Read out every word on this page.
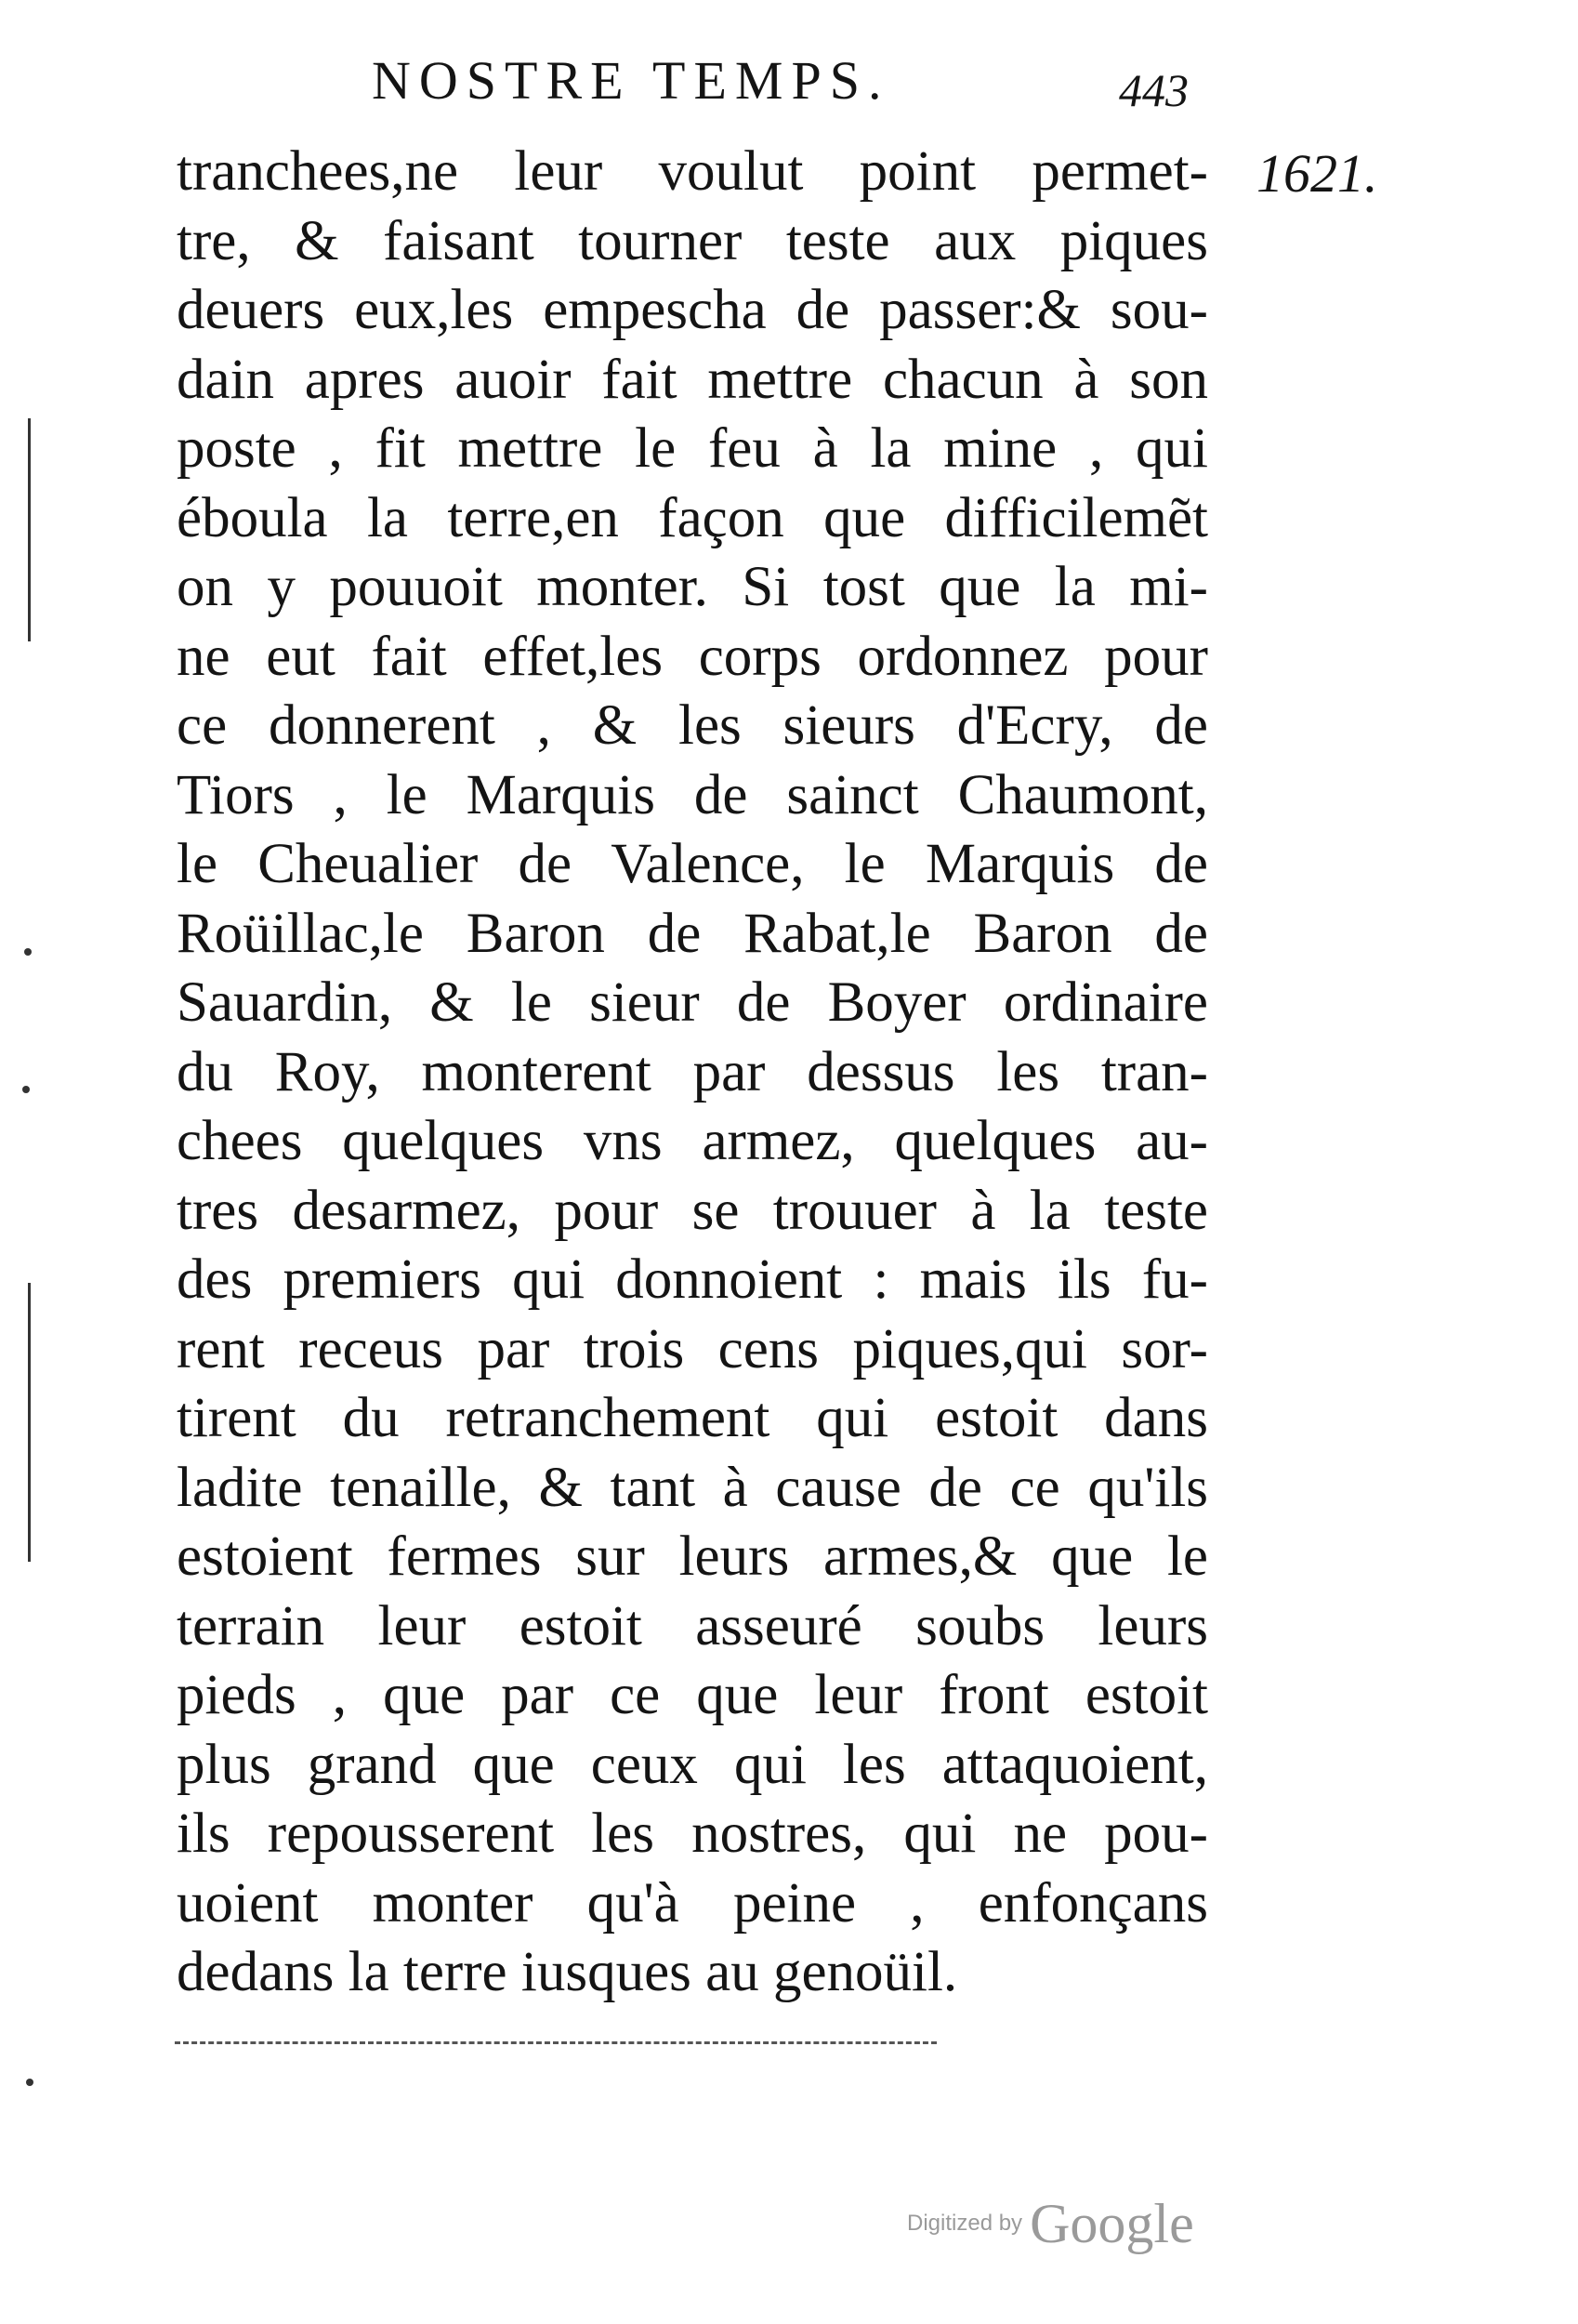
NOSTRE TEMPS.	443
1621.
tranchees,ne leur voulut point permet-
tre, & faisant tourner teste aux piques
deuers eux,les empescha de passer:& sou-
dain apres auoir fait mettre chacun à son
poste , fit mettre le feu à la mine , qui
éboula la terre,en façon que difficilemẽt
on y pouuoit monter. Si tost que la mi-
ne eut fait effet,les corps ordonnez pour
ce donnerent , & les sieurs d'Ecry, de
Tiors , le Marquis de sainct Chaumont,
le Cheualier de Valence, le Marquis de
Roüillac,le Baron de Rabat,le Baron de
Sauardin, & le sieur de Boyer ordinaire
du Roy, monterent par dessus les tran-
chees quelques vns armez, quelques au-
tres desarmez, pour se trouuer à la teste
des premiers qui donnoient : mais ils fu-
rent receus par trois cens piques,qui sor-
tirent du retranchement qui estoit dans
ladite tenaille, & tant à cause de ce qu'ils
estoient fermes sur leurs armes,& que le
terrain leur estoit asseuré soubs leurs
pieds , que par ce que leur front estoit
plus grand que ceux qui les attaquoient,
ils repousserent les nostres, qui ne pou-
uoient monter qu'à peine , enfonçans
dedans la terre iusques au genoüil.
Digitized by Google
